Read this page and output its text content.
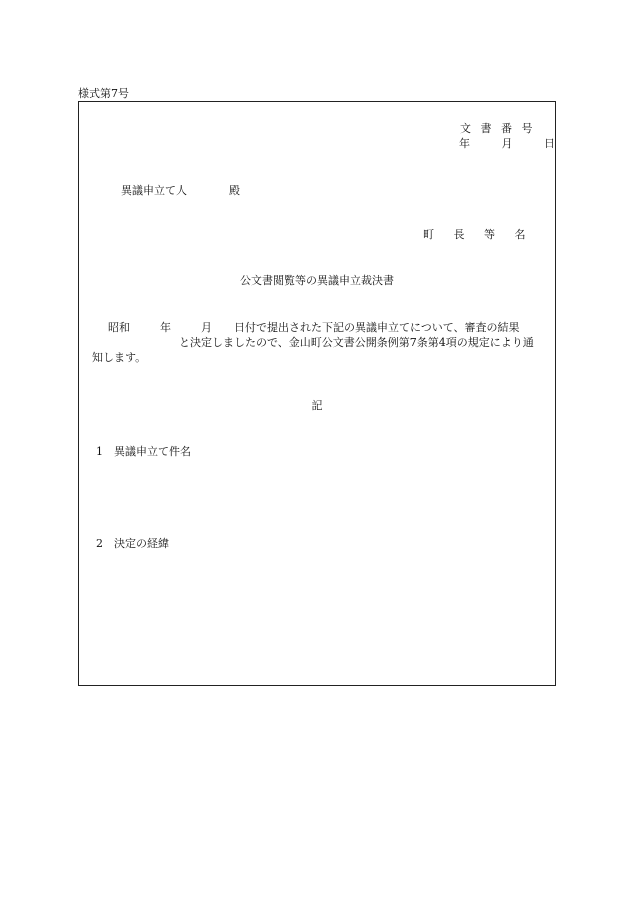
様式第7号
文 書 番 号
年	月	日
異議申立て人	殿
町 長 等 名
公文書閲覧等の異議申立裁決書
昭和	年	月 日付で提出された下記の異議申立てについて、審査の結果
と決定しましたので、金山町公文書公開条例第7条第4項の規定により通
知します。
記
1 異議申立て件名
2 決定の経緯
